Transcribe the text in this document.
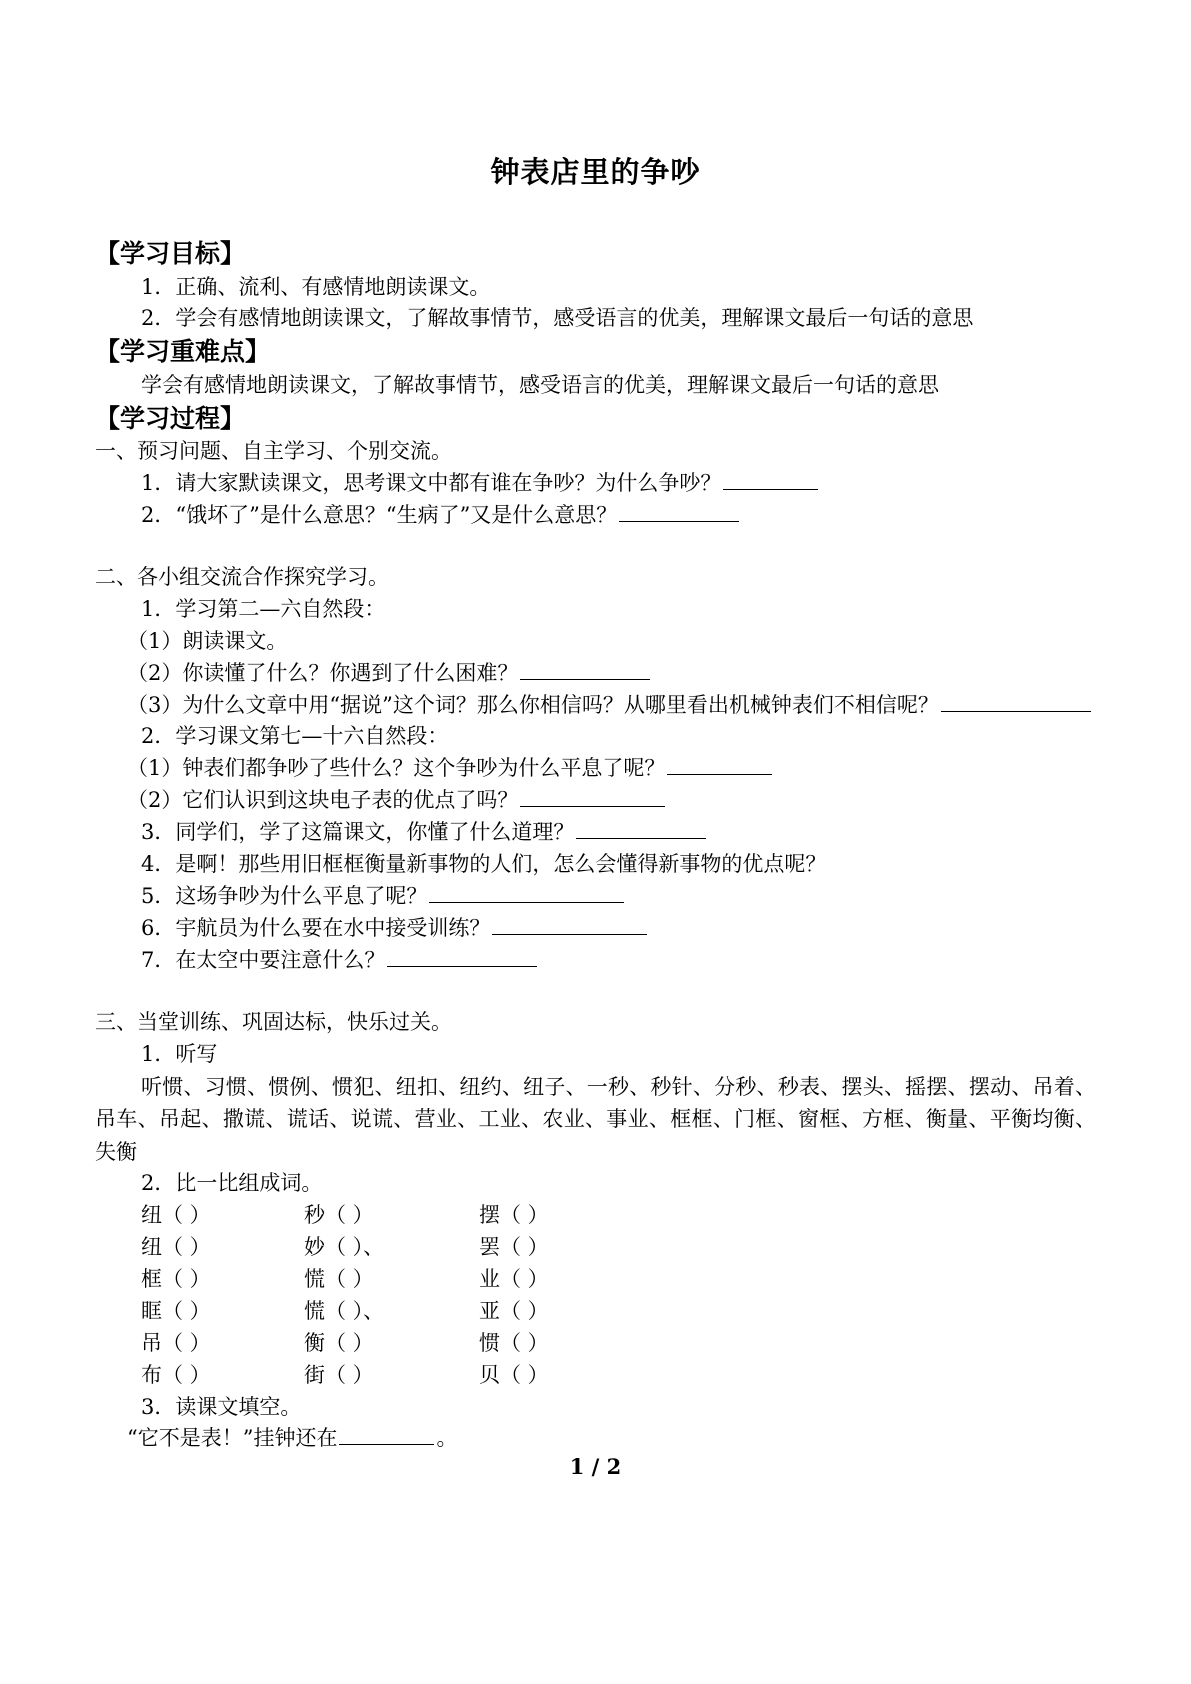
钟表店里的争吵

【学习目标】

1．正确、流利、有感情地朗读课文。

2．学会有感情地朗读课文，了解故事情节，感受语言的优美，理解课文最后一句话的意思

【学习重难点】

学会有感情地朗读课文，了解故事情节，感受语言的优美，理解课文最后一句话的意思

【学习过程】

一、预习问题、自主学习、个别交流。

1．请大家默读课文，思考课文中都有谁在争吵？为什么争吵？

2．“饿坏了”是什么意思？“生病了”又是什么意思？

二、各小组交流合作探究学习。

1．学习第二—六自然段：

（1）朗读课文。

（2）你读懂了什么？你遇到了什么困难？

（3）为什么文章中用“据说”这个词？那么你相信吗？从哪里看出机械钟表们不相信呢？

2．学习课文第七—十六自然段：

（1）钟表们都争吵了些什么？这个争吵为什么平息了呢？

（2）它们认识到这块电子表的优点了吗？

3．同学们，学了这篇课文，你懂了什么道理？

4．是啊！那些用旧框框衡量新事物的人们，怎么会懂得新事物的优点呢？

5．这场争吵为什么平息了呢？

6．宇航员为什么要在水中接受训练？

7．在太空中要注意什么？

三、当堂训练、巩固达标，快乐过关。

1．听写

听惯、习惯、惯例、惯犯、纽扣、纽约、纽子、一秒、秒针、分秒、秒表、摆头、摇摆、摆动、吊着、吊车、吊起、撒谎、谎话、说谎、营业、工业、农业、事业、框框、门框、窗框、方框、衡量、平衡均衡、失衡

2．比一比组成词。

纽（ ）	秒（ ）	摆（ ）
纽（ ）	妙（ ）、	罢（ ）
框（ ）	慌（ ）	业（ ）
眶（ ）	慌（ ）、	亚（ ）
吊（ ）	衡（ ）	惯（ ）
布（ ）	街（ ）	贝（ ）

3．读课文填空。

“它不是表！”挂钟还在	。

1 / 2
